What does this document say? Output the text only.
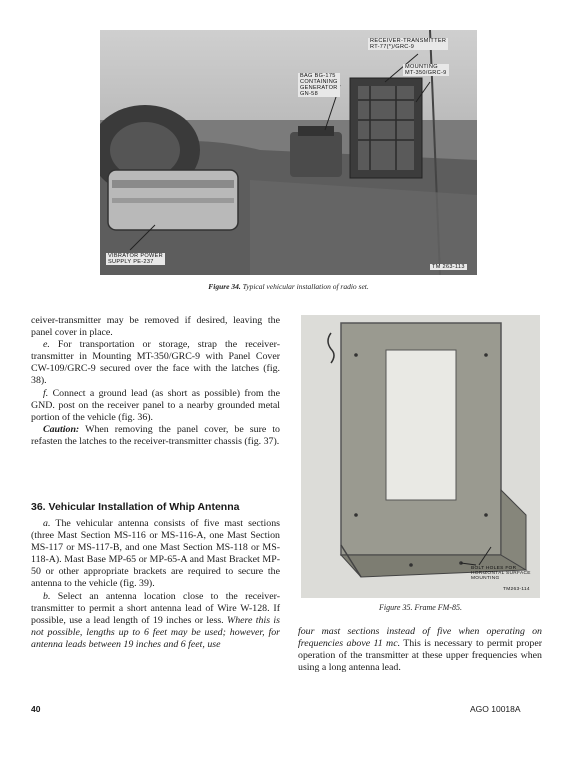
RECEIVER-TRANSMITTER
RT-77(*)/GRC-9
MOUNTING
MT-350/GRC-9
BAG BG-175
CONTAINING
GENERATOR
GN-58
VIBRATOR POWER
SUPPLY PE-237
TM 263-113
Figure 34. Typical vehicular installation of radio set.

ceiver-transmitter may be removed if desired, leaving the panel cover in place.

e. For transportation or storage, strap the receiver-transmitter in Mounting MT-350/GRC-9 with Panel Cover CW-109/GRC-9 secured over the face with the latches (fig. 38).

f. Connect a ground lead (as short as possible) from the GND. post on the receiver panel to a nearby grounded metal portion of the vehicle (fig. 36).

Caution: When removing the panel cover, be sure to refasten the latches to the receiver-transmitter chassis (fig. 37).

36. Vehicular Installation of Whip Antenna

a. The vehicular antenna consists of five mast sections (three Mast Section MS-116 or MS-116-A, one Mast Section MS-117 or MS-117-B, and one Mast Section MS-118 or MS-118-A). Mast Base MP-65 or MP-65-A and Mast Bracket MP-50 or other appropriate brackets are required to secure the antenna to the vehicle (fig. 39).

b. Select an antenna location close to the receiver-transmitter to permit a short antenna lead of Wire W-128. If possible, use a lead length of 19 inches or less. Where this is not possible, lengths up to 6 feet may be used; however, for antenna leads between 19 inches and 6 feet, use

BOLT HOLES FOR
HORIZONTAL SURFACE
MOUNTING
TM263-114
Figure 35. Frame FM-85.

four mast sections instead of five when operating on frequencies above 11 mc. This is necessary to permit proper operation of the transmitter at these upper frequencies when using a long antenna lead.

40	AGO 10018A
